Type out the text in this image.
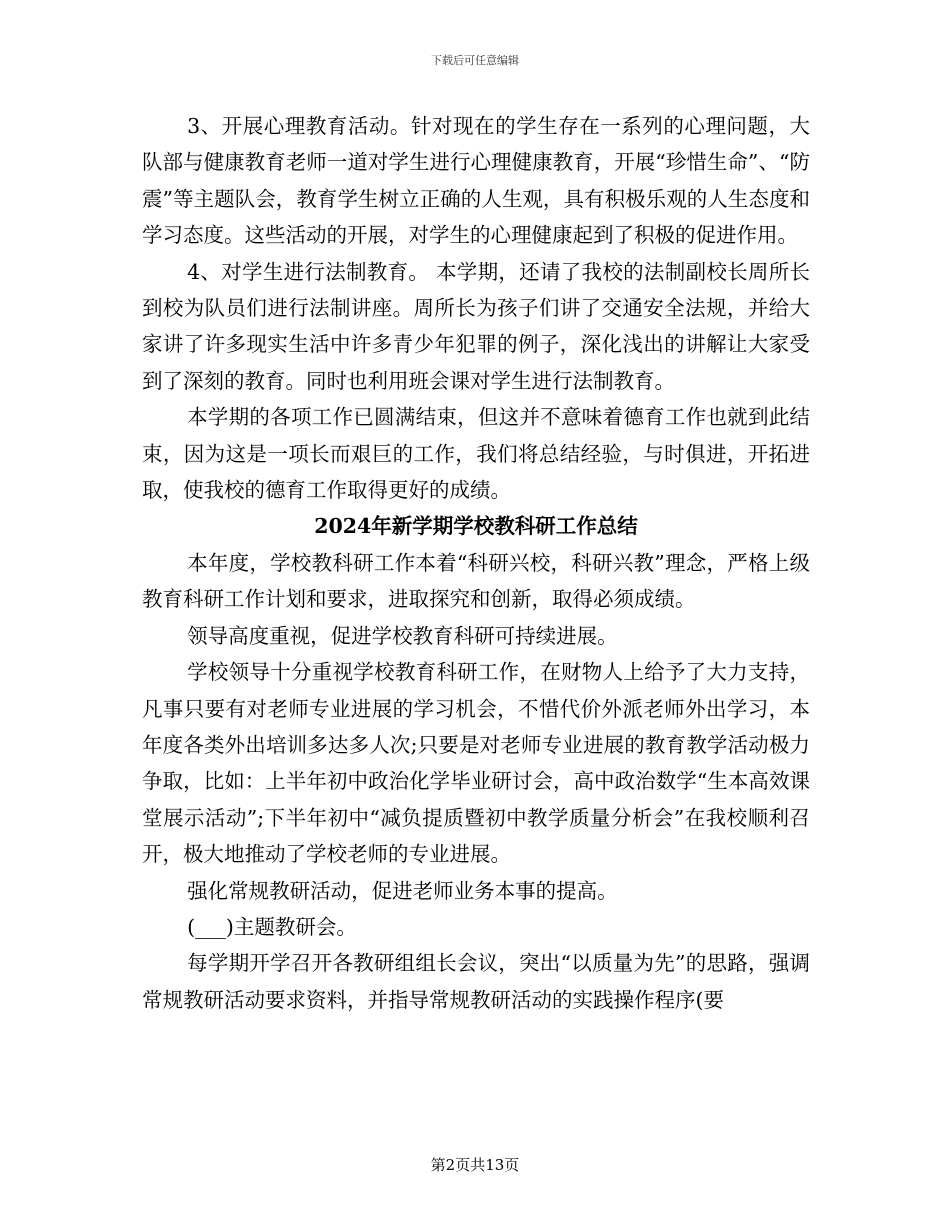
下载后可任意编辑

3、开展心理教育活动。针对现在的学生存在一系列的心理问题，大队部与健康教育老师一道对学生进行心理健康教育，开展“珍惜生命”、“防震”等主题队会，教育学生树立正确的人生观，具有积极乐观的人生态度和学习态度。这些活动的开展，对学生的心理健康起到了积极的促进作用。

4、对学生进行法制教育。 本学期，还请了我校的法制副校长周所长到校为队员们进行法制讲座。周所长为孩子们讲了交通安全法规，并给大家讲了许多现实生活中许多青少年犯罪的例子，深化浅出的讲解让大家受到了深刻的教育。同时也利用班会课对学生进行法制教育。

本学期的各项工作已圆满结束，但这并不意味着德育工作也就到此结束，因为这是一项长而艰巨的工作，我们将总结经验，与时俱进，开拓进取，使我校的德育工作取得更好的成绩。

2024年新学期学校教科研工作总结

本年度，学校教科研工作本着“科研兴校，科研兴教”理念，严格上级教育科研工作计划和要求，进取探究和创新，取得必须成绩。

领导高度重视，促进学校教育科研可持续进展。

学校领导十分重视学校教育科研工作，在财物人上给予了大力支持，凡事只要有对老师专业进展的学习机会，不惜代价外派老师外出学习，本年度各类外出培训多达多人次;只要是对老师专业进展的教育教学活动极力争取，比如：上半年初中政治化学毕业研讨会，高中政治数学“生本高效课堂展示活动”;下半年初中“减负提质暨初中教学质量分析会”在我校顺利召开，极大地推动了学校老师的专业进展。

强化常规教研活动，促进老师业务本事的提高。

(___)主题教研会。

每学期开学召开各教研组组长会议，突出“以质量为先”的思路，强调常规教研活动要求资料，并指导常规教研活动的实践操作程序(要

第2页共13页
